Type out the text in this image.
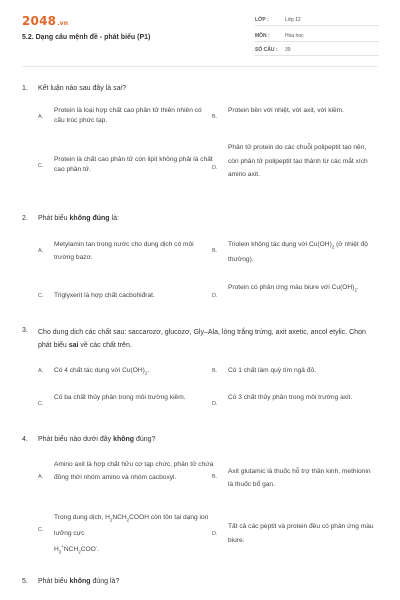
2048.vn
5.2. Dạng câu mệnh đề - phát biểu (P1)
LỚP :	Lớp 12
MÔN :	Hóa học
SỐ CÂU : 39
1. Kết luận nào sau đây là sai?
A.
Protein là loại hợp chất cao phân tử thiên nhiên có cấu trúc phức tạp.	B.
Protein bền với nhiệt, với axit, với kiềm.
C.
Protein là chất cao phân tử còn lipit không phải là chất cao phân tử.	D.
Phân tử protein do các chuỗi polipeptit tạo nên, còn phân tử polipeptit tạo thành từ các mắt xích amino axit.
2. Phát biểu không đúng là:
A.
Metylamin tan trong nước cho dung dịch có môi trường bazơ.
B.
Triolein không tác dụng với $Cu(OH)_2$ (ở nhiệt độ thường).
C. Triglyxerit là hợp chất cacbohiđrat.	D.
Protein có phản ứng màu biure với $Cu(OH)_2$.
3. Cho dung dịch các chất sau: saccarozơ, glucozơ, Gly–Ala, lòng trắng trứng, axit axetic, ancol etylic. Chọn phát biểu sai về các chất trên.
A. Có 4 chất tác dụng với $Cu(OH)_2$.	B. Có 1 chất làm quỳ tím ngả đỏ.
C.
Có ba chất thủy phân trong môi trường kiềm.
D.
Có 3 chất thủy phân trong môi trường axit.
4. Phát biểu nào dưới đây không đúng?
A.
Amino axit là hợp chất hữu cơ tạp chức, phân tử chứa đồng thời nhóm amino và nhóm cacboxyl.	B.
Axit glutamic là thuốc hỗ trợ thần kinh, methionin là thuốc bổ gan.
C.
Trong dung dịch, $H_2NCH_2COOH$ còn tồn tại dạng ion lưỡng cực
$H_3^+NCH_2COO^-$.
D.
Tất cả các peptit và protein đều có phản ứng màu biure.
5. Phát biểu không đúng là?
